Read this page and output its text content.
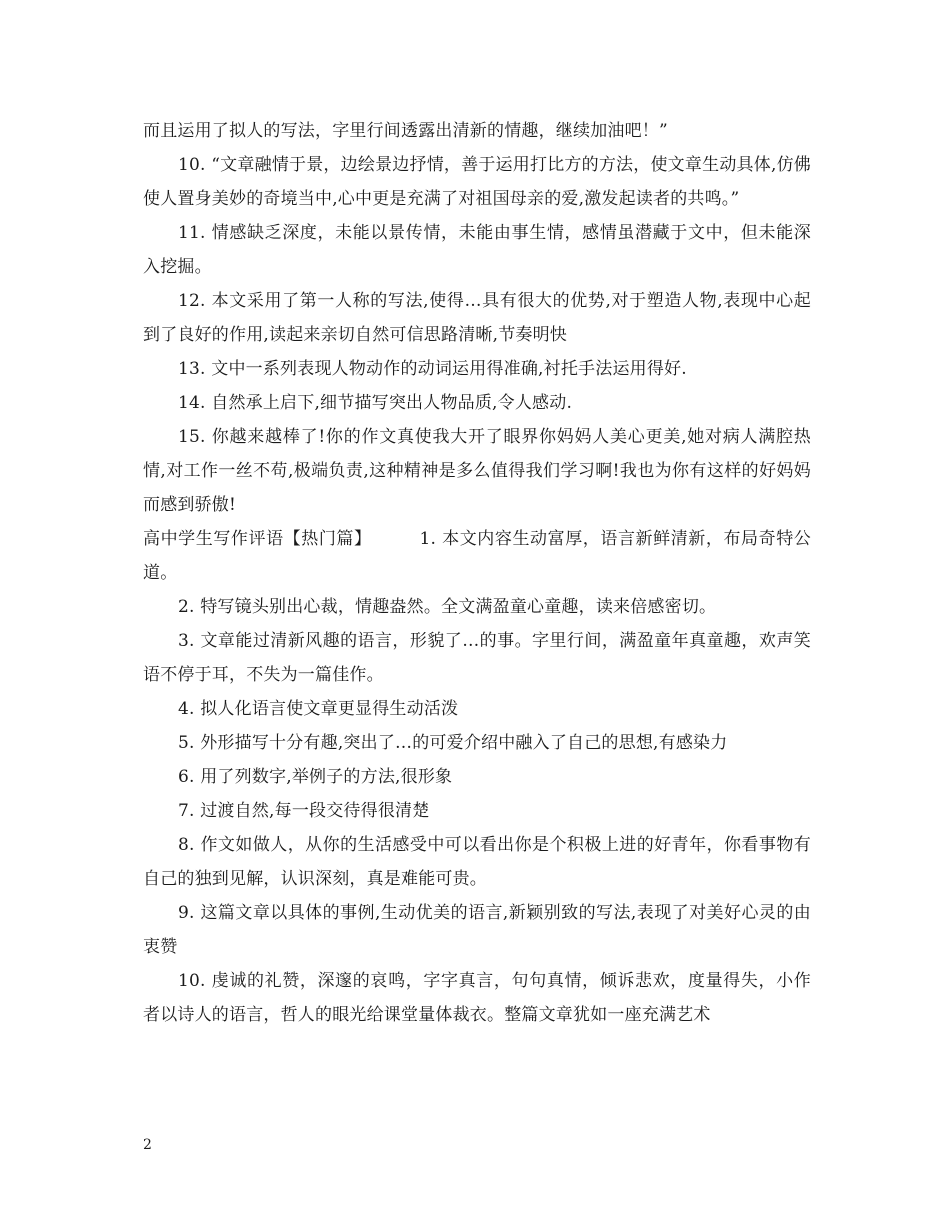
而且运用了拟人的写法，字里行间透露出清新的情趣，继续加油吧！”

10. “文章融情于景，边绘景边抒情，善于运用打比方的方法，使文章生动具体,仿佛使人置身美妙的奇境当中,心中更是充满了对祖国母亲的爱,激发起读者的共鸣。”

11. 情感缺乏深度，未能以景传情，未能由事生情，感情虽潜藏于文中，但未能深入挖掘。

12. 本文采用了第一人称的写法,使得…具有很大的优势,对于塑造人物,表现中心起到了良好的作用,读起来亲切自然可信思路清晰,节奏明快

13. 文中一系列表现人物动作的动词运用得准确,衬托手法运用得好.

14. 自然承上启下,细节描写突出人物品质,令人感动.

15. 你越来越棒了!你的作文真使我大开了眼界你妈妈人美心更美,她对病人满腔热情,对工作一丝不苟,极端负责,这种精神是多么值得我们学习啊!我也为你有这样的好妈妈而感到骄傲!

高中学生写作评语【热门篇】        1. 本文内容生动富厚，语言新鲜清新，布局奇特公道。

2. 特写镜头别出心裁，情趣盎然。全文满盈童心童趣，读来倍感密切。

3. 文章能过清新风趣的语言，形貌了…的事。字里行间，满盈童年真童趣，欢声笑语不停于耳，不失为一篇佳作。

4. 拟人化语言使文章更显得生动活泼

5. 外形描写十分有趣,突出了…的可爱介绍中融入了自己的思想,有感染力

6. 用了列数字,举例子的方法,很形象

7. 过渡自然,每一段交待得很清楚

8. 作文如做人，从你的生活感受中可以看出你是个积极上进的好青年，你看事物有自己的独到见解，认识深刻，真是难能可贵。

9. 这篇文章以具体的事例,生动优美的语言,新颖别致的写法,表现了对美好心灵的由衷赞

10. 虔诚的礼赞，深邃的哀鸣，字字真言，句句真情，倾诉悲欢，度量得失，小作者以诗人的语言，哲人的眼光给课堂量体裁衣。整篇文章犹如一座充满艺术

2
